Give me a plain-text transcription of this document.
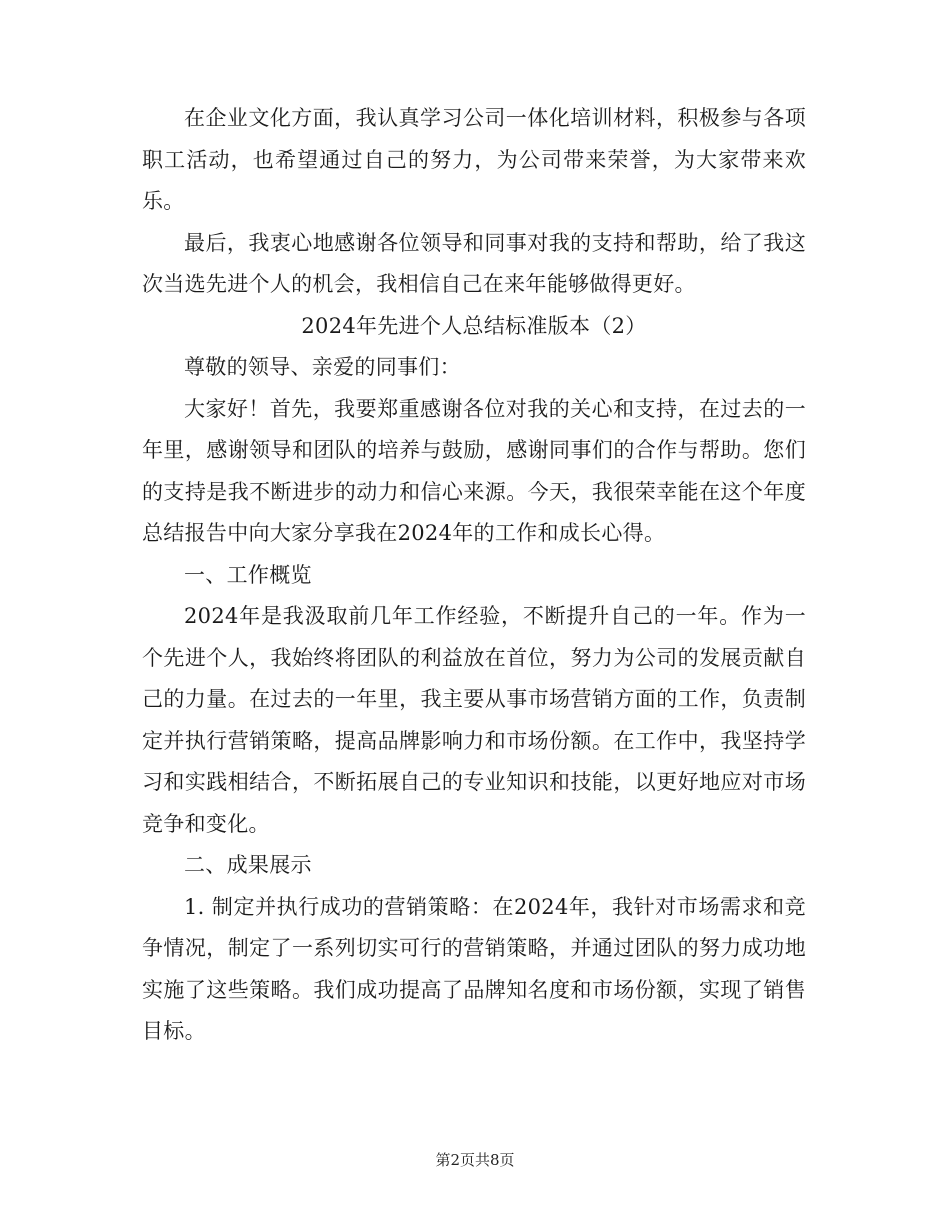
在企业文化方面，我认真学习公司一体化培训材料，积极参与各项职工活动，也希望通过自己的努力，为公司带来荣誉，为大家带来欢乐。

最后，我衷心地感谢各位领导和同事对我的支持和帮助，给了我这次当选先进个人的机会，我相信自己在来年能够做得更好。

2024年先进个人总结标准版本（2）

尊敬的领导、亲爱的同事们：

大家好！首先，我要郑重感谢各位对我的关心和支持，在过去的一年里，感谢领导和团队的培养与鼓励，感谢同事们的合作与帮助。您们的支持是我不断进步的动力和信心来源。今天，我很荣幸能在这个年度总结报告中向大家分享我在2024年的工作和成长心得。

一、工作概览

2024年是我汲取前几年工作经验，不断提升自己的一年。作为一个先进个人，我始终将团队的利益放在首位，努力为公司的发展贡献自己的力量。在过去的一年里，我主要从事市场营销方面的工作，负责制定并执行营销策略，提高品牌影响力和市场份额。在工作中，我坚持学习和实践相结合，不断拓展自己的专业知识和技能，以更好地应对市场竞争和变化。

二、成果展示

1. 制定并执行成功的营销策略：在2024年，我针对市场需求和竞争情况，制定了一系列切实可行的营销策略，并通过团队的努力成功地实施了这些策略。我们成功提高了品牌知名度和市场份额，实现了销售目标。

第2页共8页
